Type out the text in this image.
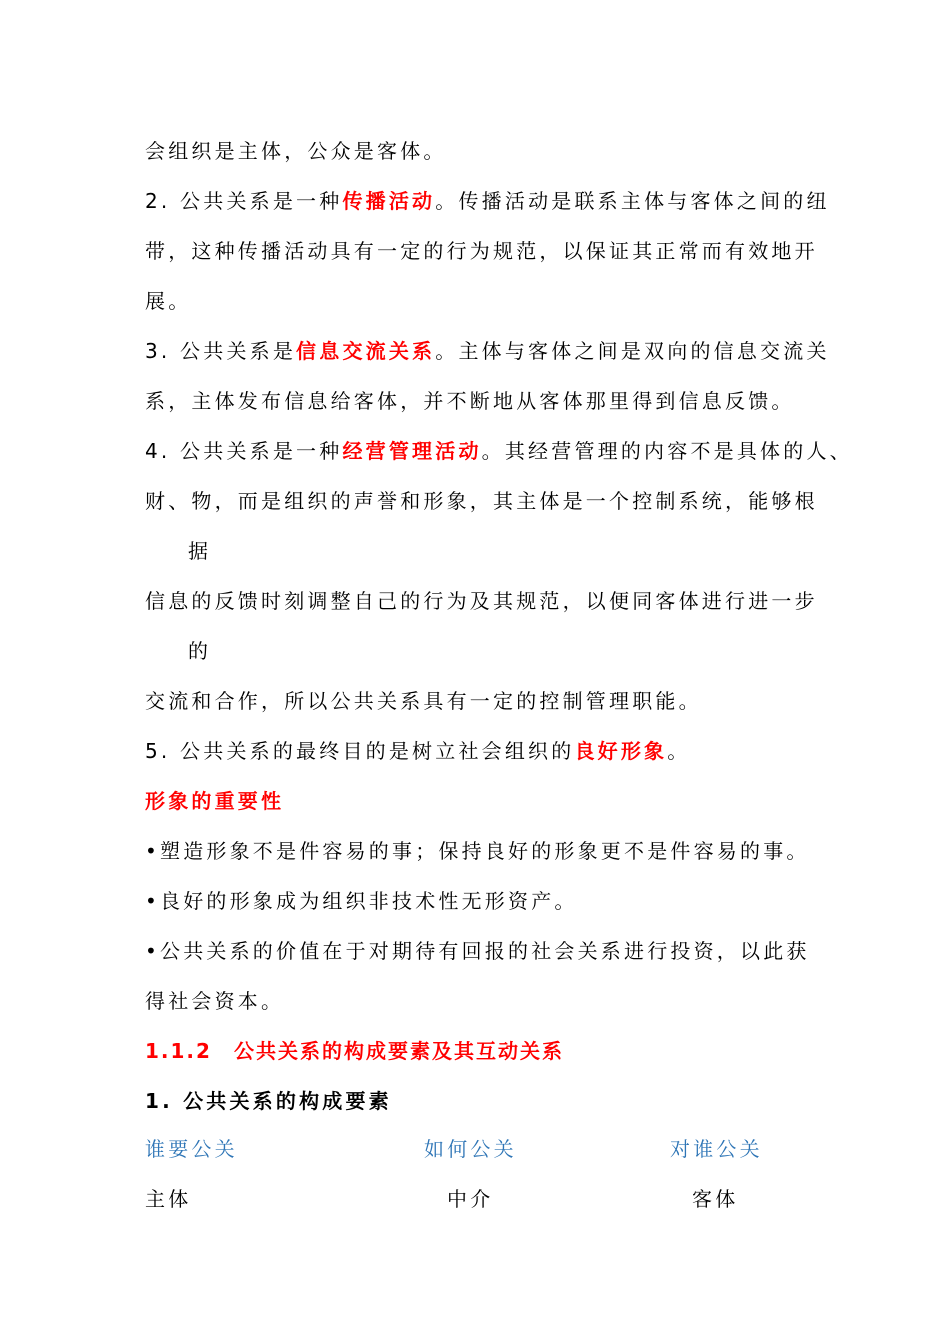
会组织是主体，公众是客体。
2. 公共关系是一种传播活动。传播活动是联系主体与客体之间的纽
带，这种传播活动具有一定的行为规范，以保证其正常而有效地开
展。
3. 公共关系是信息交流关系。主体与客体之间是双向的信息交流关
系，主体发布信息给客体，并不断地从客体那里得到信息反馈。
4. 公共关系是一种经营管理活动。其经营管理的内容不是具体的人、
财、物，而是组织的声誉和形象，其主体是一个控制系统，能够根
据
信息的反馈时刻调整自己的行为及其规范，以便同客体进行进一步
的
交流和合作，所以公共关系具有一定的控制管理职能。
5. 公共关系的最终目的是树立社会组织的良好形象。
形象的重要性
•塑造形象不是件容易的事；保持良好的形象更不是件容易的事。
•良好的形象成为组织非技术性无形资产。
•公共关系的价值在于对期待有回报的社会关系进行投资，以此获
得社会资本。
1.1.2　公共关系的构成要素及其互动关系
1. 公共关系的构成要素
谁要公关	如何公关	对谁公关
主体	中介	客体
